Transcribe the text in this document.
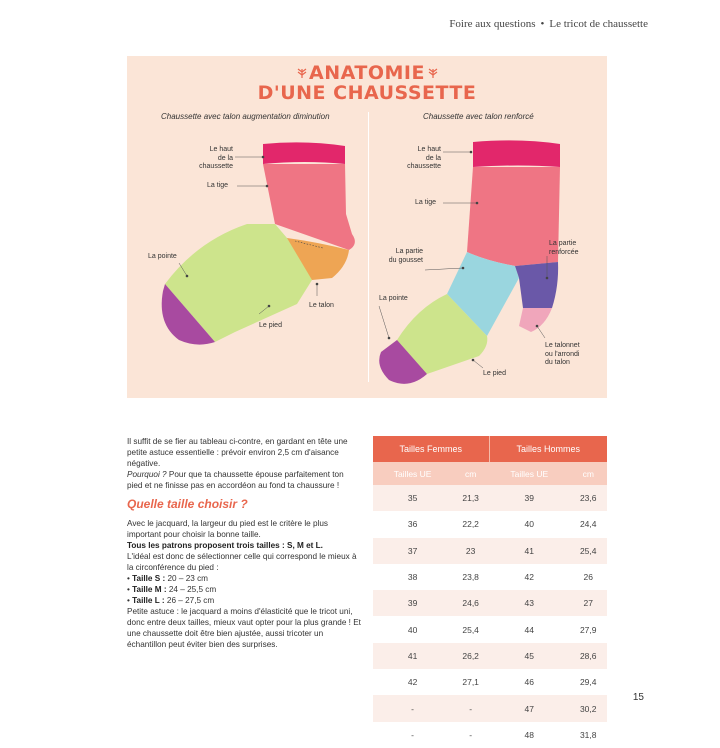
Foire aux questions • Le tricot de chaussette
ANATOMIE
D'UNE CHAUSSETTE
Chaussette avec talon augmentation diminution	Chaussette avec talon renforcé
Le haut
de la chaussette
La tige
La pointe
Le talon
Le pied
Le haut
de la chaussette
La tige
La partie
du gousset
La partie
renforcée
La pointe
Le talonnet
ou l'arrondi
du talon
Le pied
Il suffit de se fier au tableau ci-contre, en gardant en tête une petite astuce essentielle : prévoir environ 2,5 cm d'aisance négative.
Pourquoi ? Pour que ta chaussette épouse parfaitement ton pied et ne finisse pas en accordéon au fond ta chaussure !
Quelle taille choisir ?
Avec le jacquard, la largeur du pied est le critère le plus important pour choisir la bonne taille.
Tous les patrons proposent trois tailles : S, M et L.
L'idéal est donc de sélectionner celle qui correspond le mieux à la circonférence du pied :
• Taille S : 20 – 23 cm
• Taille M : 24 – 25,5 cm
• Taille L : 26 – 27,5 cm
Petite astuce : le jacquard a moins d'élasticité que le tricot uni, donc entre deux tailles, mieux vaut opter pour la plus grande ! Et une chaussette doit être bien ajustée, aussi tricoter un échantillon peut éviter bien des surprises.
Tailles Femmes		Tailles Hommes	
Tailles UE	cm	Tailles UE	cm
35	21,3	39	23,6
36	22,2	40	24,4
37	23	41	25,4
38	23,8	42	26
39	24,6	43	27
40	25,4	44	27,9
41	26,2	45	28,6
42	27,1	46	29,4
-	-	47	30,2
-	-	48	31,8
15
